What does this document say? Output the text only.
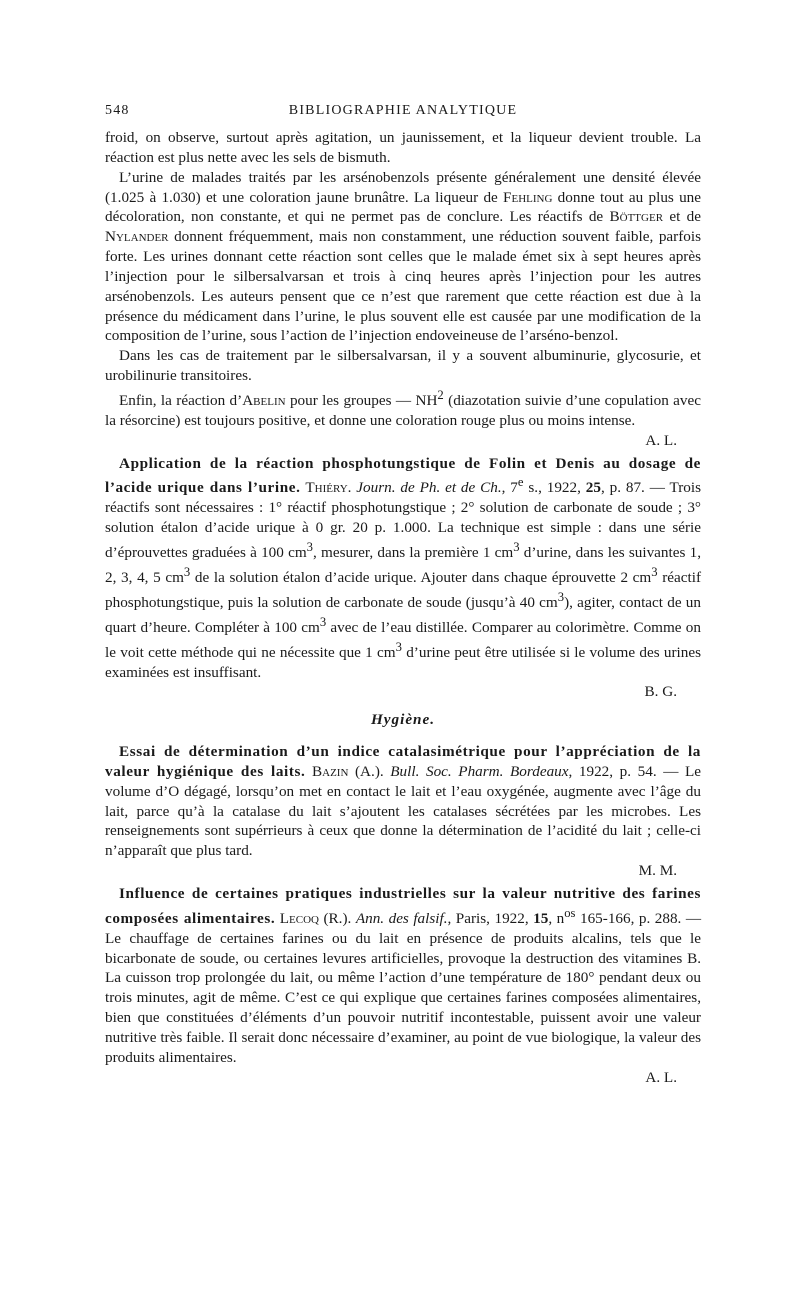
548	BIBLIOGRAPHIE ANALYTIQUE

froid, on observe, surtout après agitation, un jaunissement, et la liqueur devient trouble. La réaction est plus nette avec les sels de bismuth.

L’urine de malades traités par les arsénobenzols présente généralement une densité élevée (1.025 à 1.030) et une coloration jaune brunâtre. La liqueur de Fehling donne tout au plus une décoloration, non constante, et qui ne permet pas de conclure. Les réactifs de Böttger et de Nylander donnent fréquemment, mais non constamment, une réduction souvent faible, parfois forte. Les urines donnant cette réaction sont celles que le malade émet six à sept heures après l’injection pour le silbersalvarsan et trois à cinq heures après l’injection pour les autres arsénobenzols. Les auteurs pensent que ce n’est que rarement que cette réaction est due à la présence du médicament dans l’urine, le plus souvent elle est causée par une modification de la composition de l’urine, sous l’action de l’injection endoveineuse de l’arséno-benzol.

Dans les cas de traitement par le silbersalvarsan, il y a souvent albuminurie, glycosurie, et urobilinurie transitoires.

Enfin, la réaction d’Abelin pour les groupes — $NH^2$ (diazotation suivie d’une copulation avec la résorcine) est toujours positive, et donne une coloration rouge plus ou moins intense.

A. L.

Application de la réaction phosphotungstique de Folin et Denis au dosage de l’acide urique dans l’urine. Thiéry. Journ. de Ph. et de Ch., 7e s., 1922, 25, p. 87. — Trois réactifs sont nécessaires : 1° réactif phosphotungstique ; 2° solution de carbonate de soude ; 3° solution étalon d’acide urique à 0 gr. 20 p. 1.000. La technique est simple : dans une série d’éprouvettes graduées à 100 $cm^3$, mesurer, dans la première 1 $cm^3$ d’urine, dans les suivantes 1, 2, 3, 4, 5 $cm^3$ de la solution étalon d’acide urique. Ajouter dans chaque éprouvette 2 $cm^3$ réactif phosphotungstique, puis la solution de carbonate de soude (jusqu’à 40 $cm^3$), agiter, contact de un quart d’heure. Compléter à 100 $cm^3$ avec de l’eau distillée. Comparer au colorimètre. Comme on le voit cette méthode qui ne nécessite que 1 $cm^3$ d’urine peut être utilisée si le volume des urines examinées est insuffisant.

B. G.

Hygiène.

Essai de détermination d’un indice catalasimétrique pour l’appréciation de la valeur hygiénique des laits. Bazin (A.). Bull. Soc. Pharm. Bordeaux, 1922, p. 54. — Le volume d’O dégagé, lorsqu’on met en contact le lait et l’eau oxygénée, augmente avec l’âge du lait, parce qu’à la catalase du lait s’ajoutent les catalases sécrétées par les microbes. Les renseignements sont supérrieurs à ceux que donne la détermination de l’acidité du lait ; celle-ci n’apparaît que plus tard.

M. M.

Influence de certaines pratiques industrielles sur la valeur nutritive des farines composées alimentaires. Lecoq (R.). Ann. des falsif., Paris, 1922, 15, $n^{os}$ 165-166, p. 288. — Le chauffage de certaines farines ou du lait en présence de produits alcalins, tels que le bicarbonate de soude, ou certaines levures artificielles, provoque la destruction des vitamines B. La cuisson trop prolongée du lait, ou même l’action d’une température de 180° pendant deux ou trois minutes, agit de même. C’est ce qui explique que certaines farines composées alimentaires, bien que constituées d’éléments d’un pouvoir nutritif incontestable, puissent avoir une valeur nutritive très faible. Il serait donc nécessaire d’examiner, au point de vue biologique, la valeur des produits alimentaires.

A. L.
